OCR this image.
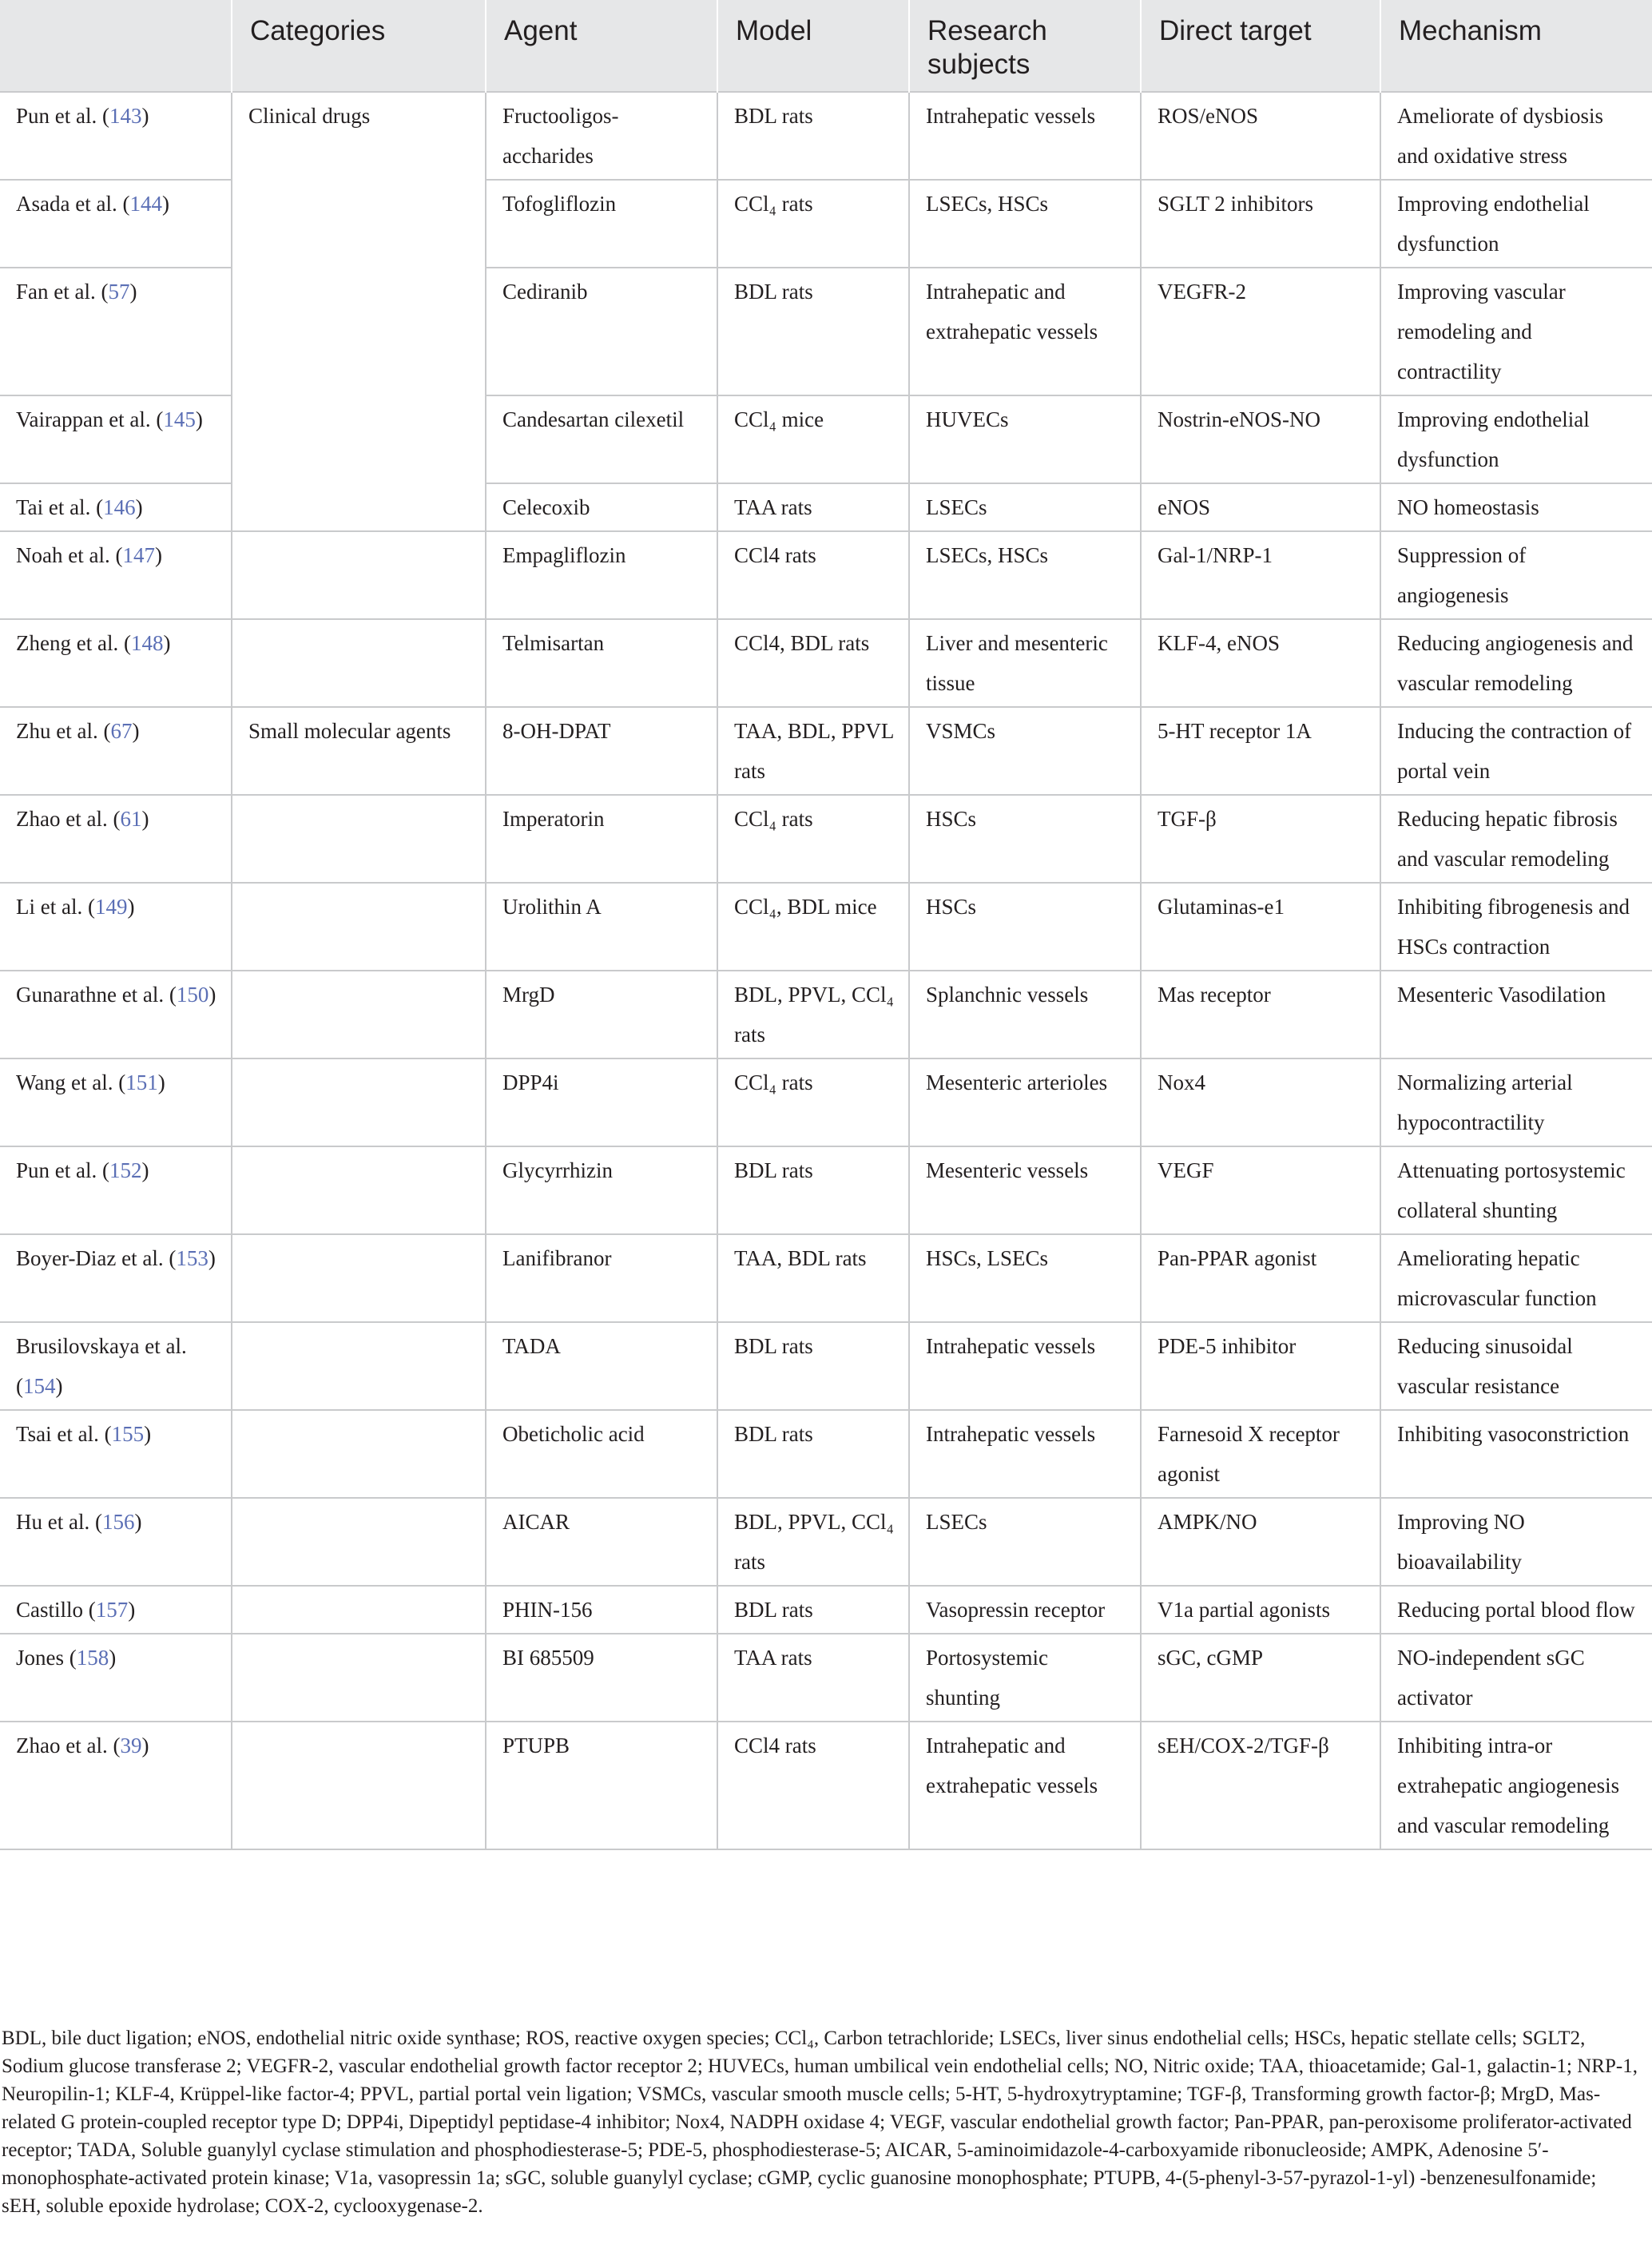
	Categories	Agent	Model	Research subjects	Direct target	Mechanism
Pun et al. (143)	Clinical drugs	Fructooligos-accharides	BDL rats	Intrahepatic vessels	ROS/eNOS	Ameliorate of dysbiosis and oxidative stress
Asada et al. (144)		Tofogliflozin	CCl₄ rats	LSECs, HSCs	SGLT 2 inhibitors	Improving endothelial dysfunction
Fan et al. (57)		Cediranib	BDL rats	Intrahepatic and extrahepatic vessels	VEGFR-2	Improving vascular remodeling and contractility
Vairappan et al. (145)		Candesartan cilexetil	CCl₄ mice	HUVECs	Nostrin-eNOS-NO	Improving endothelial dysfunction
Tai et al. (146)		Celecoxib	TAA rats	LSECs	eNOS	NO homeostasis
Noah et al. (147)		Empagliflozin	CCl4 rats	LSECs, HSCs	Gal-1/NRP-1	Suppression of angiogenesis
Zheng et al. (148)		Telmisartan	CCl4, BDL rats	Liver and mesenteric tissue	KLF-4, eNOS	Reducing angiogenesis and vascular remodeling
Zhu et al. (67)	Small molecular agents	8-OH-DPAT	TAA, BDL, PPVL rats	VSMCs	5-HT receptor 1A	Inducing the contraction of portal vein
Zhao et al. (61)		Imperatorin	CCl₄ rats	HSCs	TGF-β	Reducing hepatic fibrosis and vascular remodeling
Li et al. (149)		Urolithin A	CCl₄, BDL mice	HSCs	Glutaminas-e1	Inhibiting fibrogenesis and HSCs contraction
Gunarathne et al. (150)		MrgD	BDL, PPVL, CCl₄ rats	Splanchnic vessels	Mas receptor	Mesenteric Vasodilation
Wang et al. (151)		DPP4i	CCl₄ rats	Mesenteric arterioles	Nox4	Normalizing arterial hypocontractility
Pun et al. (152)		Glycyrrhizin	BDL rats	Mesenteric vessels	VEGF	Attenuating portosystemic collateral shunting
Boyer-Diaz et al. (153)		Lanifibranor	TAA, BDL rats	HSCs, LSECs	Pan-PPAR agonist	Ameliorating hepatic microvascular function
Brusilovskaya et al. (154)		TADA	BDL rats	Intrahepatic vessels	PDE-5 inhibitor	Reducing sinusoidal vascular resistance
Tsai et al. (155)		Obeticholic acid	BDL rats	Intrahepatic vessels	Farnesoid X receptor agonist	Inhibiting vasoconstriction
Hu et al. (156)		AICAR	BDL, PPVL, CCl₄ rats	LSECs	AMPK/NO	Improving NO bioavailability
Castillo (157)		PHIN-156	BDL rats	Vasopressin receptor	V1a partial agonists	Reducing portal blood flow
Jones (158)		BI 685509	TAA rats	Portosystemic shunting	sGC, cGMP	NO-independent sGC activator
Zhao et al. (39)		PTUPB	CCl4 rats	Intrahepatic and extrahepatic vessels	sEH/COX-2/TGF-β	Inhibiting intra-or extrahepatic angiogenesis and vascular remodeling
BDL, bile duct ligation; eNOS, endothelial nitric oxide synthase; ROS, reactive oxygen species; CCl₄, Carbon tetrachloride; LSECs, liver sinus endothelial cells; HSCs, hepatic stellate cells; SGLT2, Sodium glucose transferase 2; VEGFR-2, vascular endothelial growth factor receptor 2; HUVECs, human umbilical vein endothelial cells; NO, Nitric oxide; TAA, thioacetamide; Gal-1, galactin-1; NRP-1, Neuropilin-1; KLF-4, Krüppel-like factor-4; PPVL, partial portal vein ligation; VSMCs, vascular smooth muscle cells; 5-HT, 5-hydroxytryptamine; TGF-β, Transforming growth factor-β; MrgD, Mas-related G protein-coupled receptor type D; DPP4i, Dipeptidyl peptidase-4 inhibitor; Nox4, NADPH oxidase 4; VEGF, vascular endothelial growth factor; Pan-PPAR, pan-peroxisome proliferator-activated receptor; TADA, Soluble guanylyl cyclase stimulation and phosphodiesterase-5; PDE-5, phosphodiesterase-5; AICAR, 5-aminoimidazole-4-carboxyamide ribonucleoside; AMPK, Adenosine 5′-monophosphate-activated protein kinase; V1a, vasopressin 1a; sGC, soluble guanylyl cyclase; cGMP, cyclic guanosine monophosphate; PTUPB, 4-(5-phenyl-3-57-pyrazol-1-yl) -benzenesulfonamide; sEH, soluble epoxide hydrolase; COX-2, cyclooxygenase-2.
